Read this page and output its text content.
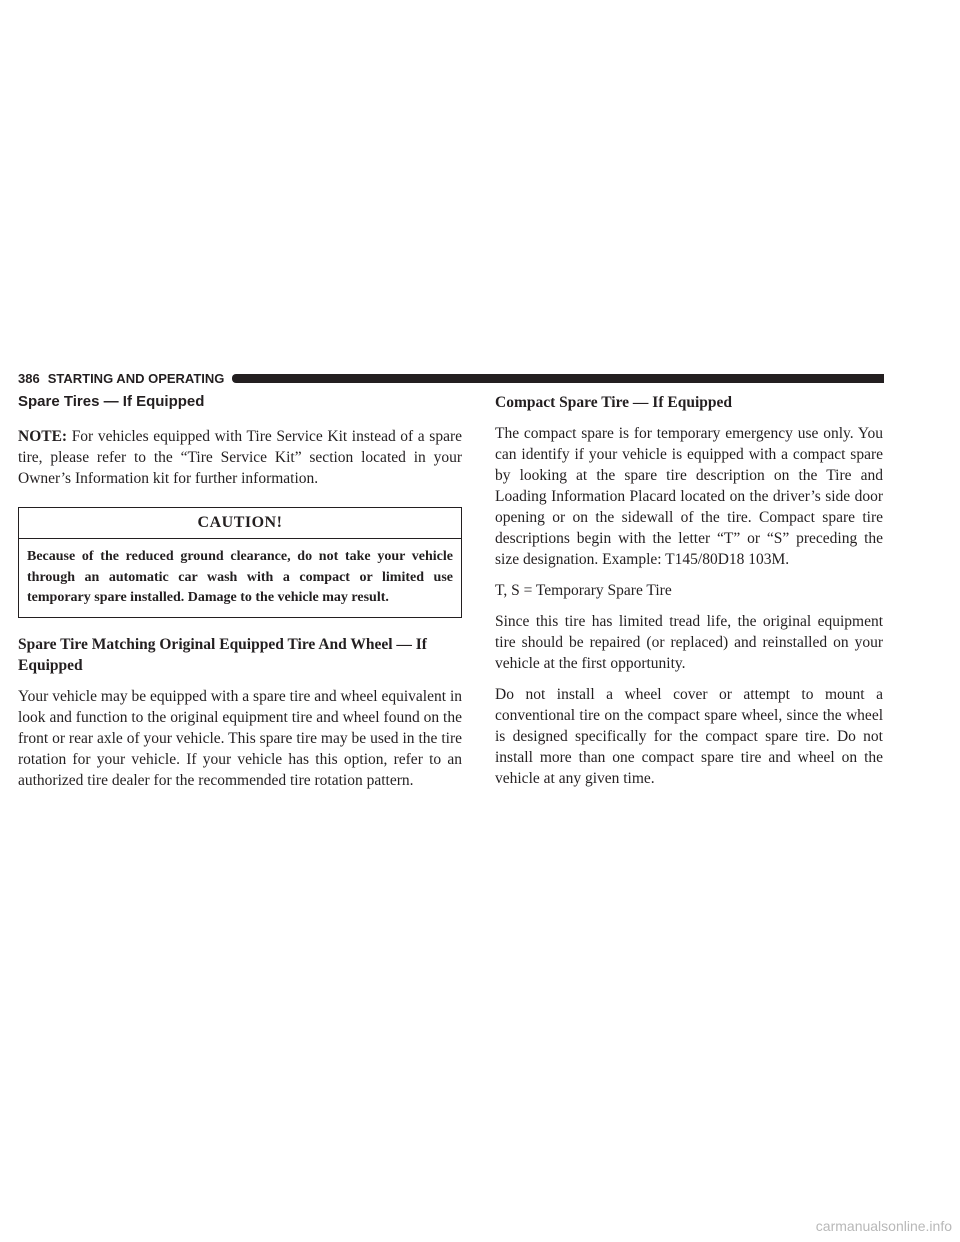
386 STARTING AND OPERATING
Spare Tires — If Equipped

NOTE: For vehicles equipped with Tire Service Kit instead of a spare tire, please refer to the “Tire Service Kit” section located in your Owner’s Information kit for further information.

CAUTION!

Because of the reduced ground clearance, do not take your vehicle through an automatic car wash with a compact or limited use temporary spare installed. Damage to the vehicle may result.

Spare Tire Matching Original Equipped Tire And Wheel — If Equipped

Your vehicle may be equipped with a spare tire and wheel equivalent in look and function to the original equipment tire and wheel found on the front or rear axle of your vehicle. This spare tire may be used in the tire rotation for your vehicle. If your vehicle has this option, refer to an authorized tire dealer for the recommended tire rotation pattern.

Compact Spare Tire — If Equipped

The compact spare is for temporary emergency use only. You can identify if your vehicle is equipped with a compact spare by looking at the spare tire description on the Tire and Loading Information Placard located on the driver’s side door opening or on the sidewall of the tire. Compact spare tire descriptions begin with the letter “T” or “S” preceding the size designation. Example: T145/80D18 103M.

T, S = Temporary Spare Tire

Since this tire has limited tread life, the original equipment tire should be repaired (or replaced) and reinstalled on your vehicle at the first opportunity.

Do not install a wheel cover or attempt to mount a conventional tire on the compact spare wheel, since the wheel is designed specifically for the compact spare tire. Do not install more than one compact spare tire and wheel on the vehicle at any given time.

carmanualsonline.info
